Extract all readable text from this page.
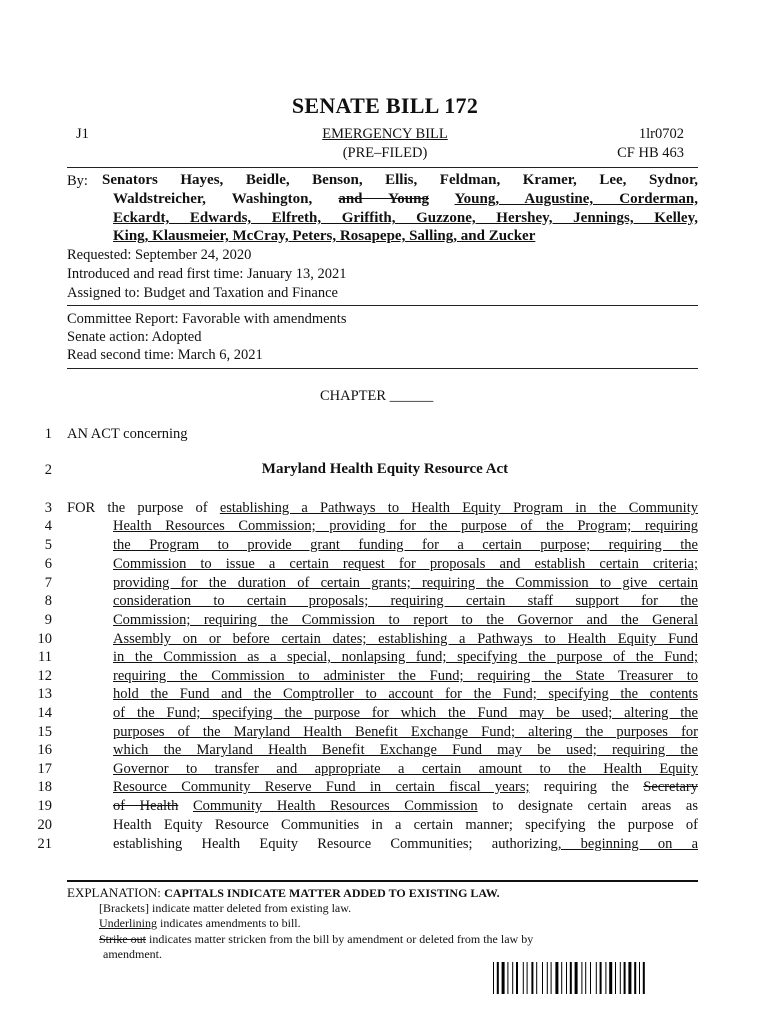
SENATE BILL 172
J1	EMERGENCY BILL
(PRE–FILED)
1lr0702
CF HB 463
By: Senators Hayes, Beidle, Benson, Ellis, Feldman, Kramer, Lee, Sydnor,
Waldstreicher, Washington, and Young Young, Augustine, Corderman,
Eckardt, Edwards, Elfreth, Griffith, Guzzone, Hershey, Jennings, Kelley,
King, Klausmeier, McCray, Peters, Rosapepe, Salling, and Zucker
Requested: September 24, 2020
Introduced and read first time: January 13, 2021
Assigned to: Budget and Taxation and Finance
Committee Report: Favorable with amendments
Senate action: Adopted
Read second time: March 6, 2021
CHAPTER ______
1 AN ACT concerning
2	Maryland Health Equity Resource Act
3 FOR the purpose of establishing a Pathways to Health Equity Program in the Community
4	Health Resources Commission; providing for the purpose of the Program; requiring
5	the Program to provide grant funding for a certain purpose; requiring the
6	Commission to issue a certain request for proposals and establish certain criteria;
7	providing for the duration of certain grants; requiring the Commission to give certain
8	consideration to certain proposals; requiring certain staff support for the
9	Commission; requiring the Commission to report to the Governor and the General
10	Assembly on or before certain dates; establishing a Pathways to Health Equity Fund
11	in the Commission as a special, nonlapsing fund; specifying the purpose of the Fund;
12	requiring the Commission to administer the Fund; requiring the State Treasurer to
13	hold the Fund and the Comptroller to account for the Fund; specifying the contents
14	of the Fund; specifying the purpose for which the Fund may be used; altering the
15	purposes of the Maryland Health Benefit Exchange Fund; altering the purposes for
16	which the Maryland Health Benefit Exchange Fund may be used; requiring the
17	Governor to transfer and appropriate a certain amount to the Health Equity
18	Resource Community Reserve Fund in certain fiscal years; requiring the Secretary
19	of Health Community Health Resources Commission to designate certain areas as
20	Health Equity Resource Communities in a certain manner; specifying the purpose of
21	establishing Health Equity Resource Communities; authorizing, beginning on a
EXPLANATION: CAPITALS INDICATE MATTER ADDED TO EXISTING LAW.
[Brackets] indicate matter deleted from existing law.
Underlining indicates amendments to bill.
Strike out indicates matter stricken from the bill by amendment or deleted from the law by
amendment.
